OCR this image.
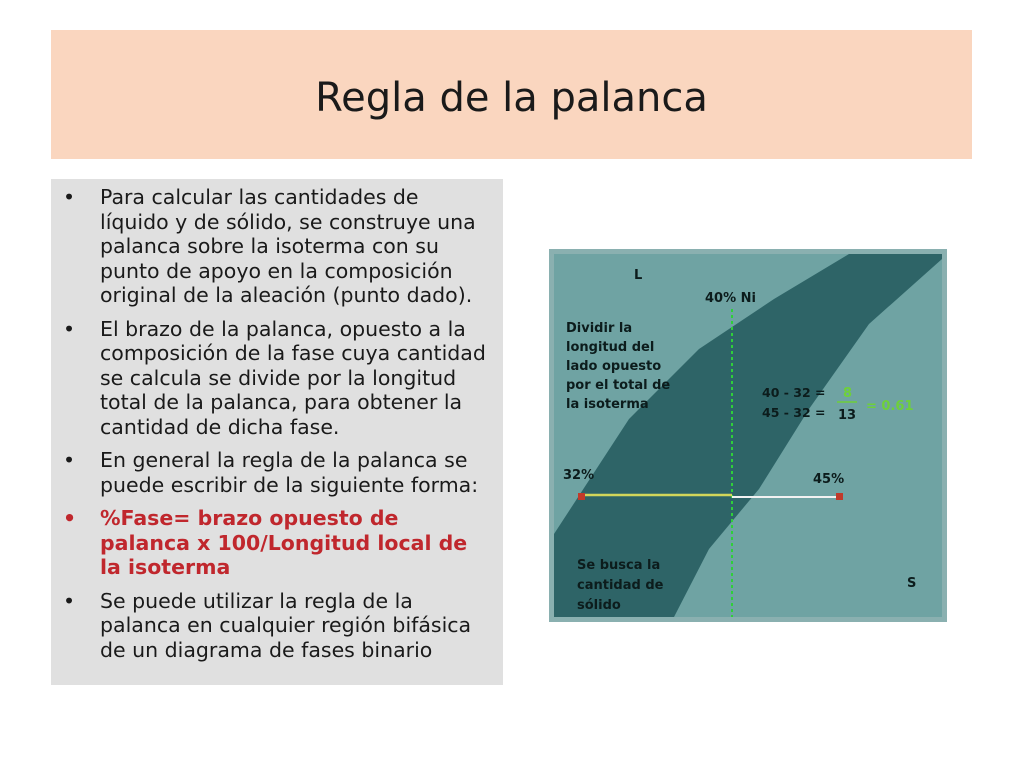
Regla de la palanca
• Para calcular las cantidades de líquido y de sólido, se construye una palanca sobre la isoterma con su punto de apoyo en la composición original de la aleación (punto dado).
• El brazo de la palanca, opuesto a la composición de la fase cuya cantidad se calcula se divide por la longitud total de la palanca, para obtener la cantidad de dicha fase.
• En general la regla de la palanca se puede escribir de la siguiente forma:
• %Fase= brazo opuesto de palanca x 100/Longitud local de la isoterma
• Se puede utilizar la regla de la palanca en cualquier región bifásica de un diagrama de fases binario
L
S
40% Ni
Dividir la
longitud del
lado opuesto
por el total de
la isoterma
40 - 32 =
45 - 32 =
8
13
= 0.61
32%	45%
Se busca la
cantidad de
sólido
